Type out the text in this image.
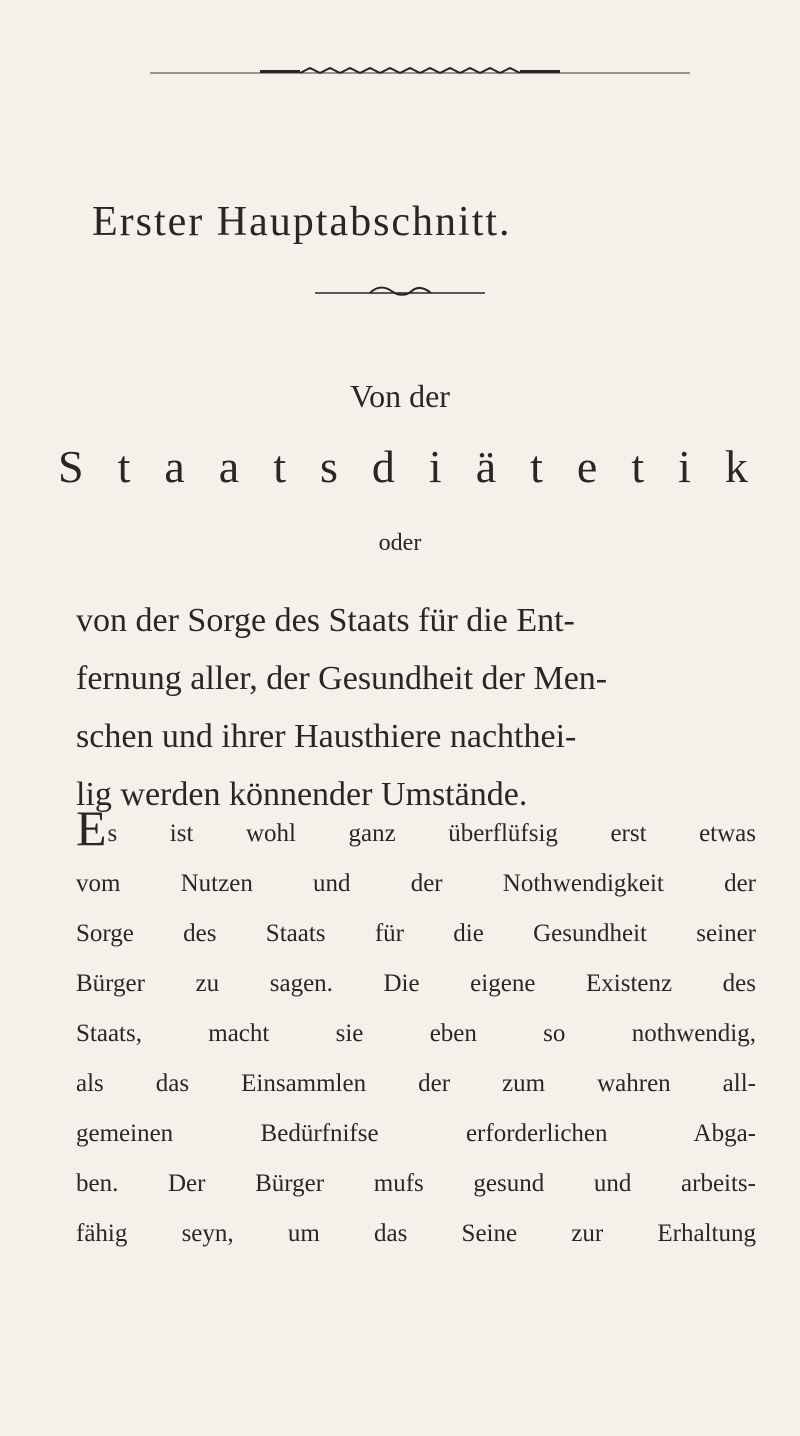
Erster Hauptabschnitt.
Von der
S t a a t s d i ä t e t i k
oder
von der Sorge des Staats für die Ent-
fernung aller, der Gesundheit der Men-
schen und ihrer Hausthiere nachthei-
lig werden könnender Umstände.
Es ist wohl ganz überflüfsig erst etwas
vom Nutzen und der Nothwendigkeit der
Sorge des Staats für die Gesundheit seiner
Bürger zu sagen. Die eigene Existenz des
Staats, macht sie eben so nothwendig,
als das Einsammlen der zum wahren all-
gemeinen Bedürfnifse erforderlichen Abga-
ben. Der Bürger mufs gesund und arbeits-
fähig seyn, um das Seine zur Erhaltung
